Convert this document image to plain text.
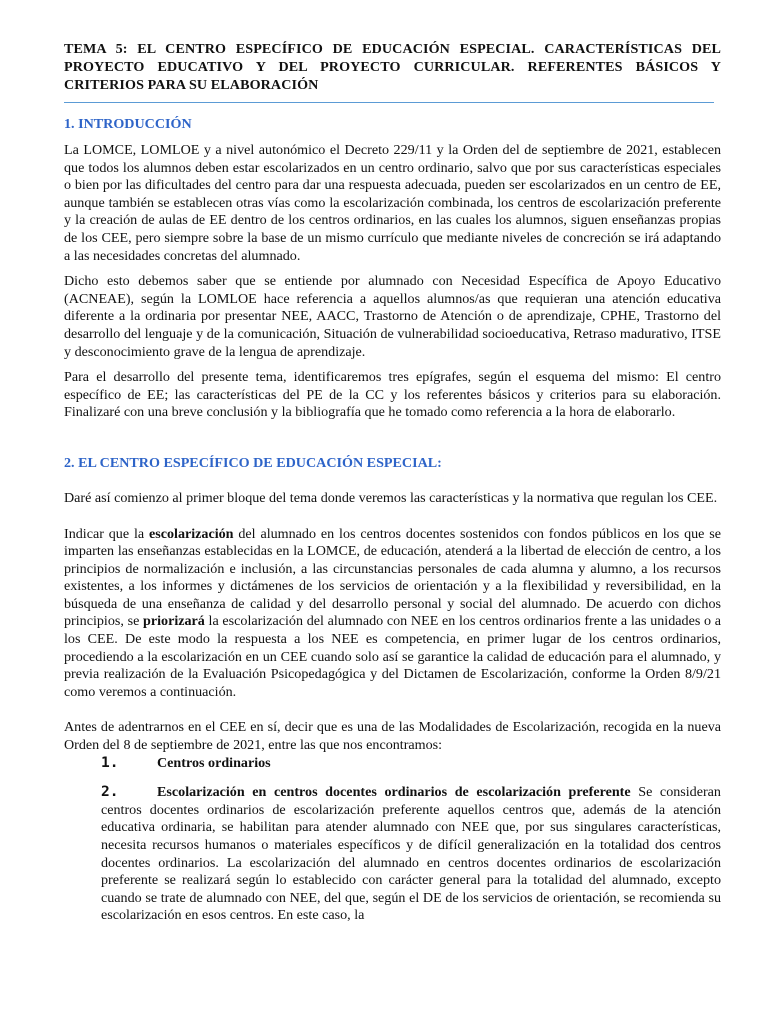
TEMA 5: EL CENTRO ESPECÍFICO DE EDUCACIÓN ESPECIAL. CARACTERÍSTICAS DEL PROYECTO EDUCATIVO Y DEL PROYECTO CURRICULAR. REFERENTES BÁSICOS Y CRITERIOS PARA SU ELABORACIÓN
1. INTRODUCCIÓN

La LOMCE, LOMLOE y a nivel autonómico el Decreto 229/11 y la Orden del de septiembre de 2021, establecen que todos los alumnos deben estar escolarizados en un centro ordinario, salvo que por sus características especiales o bien por las dificultades del centro para dar una respuesta adecuada, pueden ser escolarizados en un centro de EE, aunque también se establecen otras vías como la escolarización combinada, los centros de escolarización preferente y la creación de aulas de EE dentro de los centros ordinarios, en las cuales los alumnos, siguen enseñanzas propias de los CEE, pero siempre sobre la base de un mismo currículo que mediante niveles de concreción se irá adaptando a las necesidades concretas del alumnado.

Dicho esto debemos saber que se entiende por alumnado con Necesidad Específica de Apoyo Educativo (ACNEAE), según la LOMLOE hace referencia a aquellos alumnos/as que requieran una atención educativa diferente a la ordinaria por presentar NEE, AACC, Trastorno de Atención o de aprendizaje, CPHE, Trastorno del desarrollo del lenguaje y de la comunicación, Situación de vulnerabilidad socioeducativa, Retraso madurativo, ITSE y desconocimiento grave de la lengua de aprendizaje.

Para el desarrollo del presente tema, identificaremos tres epígrafes, según el esquema del mismo: El centro específico de EE; las características del PE de la CC y los referentes básicos y criterios para su elaboración. Finalizaré con una breve conclusión y la bibliografía que he tomado como referencia a la hora de elaborarlo.

2. EL CENTRO ESPECÍFICO DE EDUCACIÓN ESPECIAL:

Daré así comienzo al primer bloque del tema donde veremos las características y la normativa que regulan los CEE.

Indicar que la escolarización del alumnado en los centros docentes sostenidos con fondos públicos en los que se imparten las enseñanzas establecidas en la LOMCE, de educación, atenderá a la libertad de elección de centro, a los principios de normalización e inclusión, a las circunstancias personales de cada alumna y alumno, a los recursos existentes, a los informes y dictámenes de los servicios de orientación y a la flexibilidad y reversibilidad, en la búsqueda de una enseñanza de calidad y del desarrollo personal y social del alumnado. De acuerdo con dichos principios, se priorizará la escolarización del alumnado con NEE en los centros ordinarios frente a las unidades o a los CEE. De este modo la respuesta a los NEE es competencia, en primer lugar de los centros ordinarios, procediendo a la escolarización en un CEE cuando solo así se garantice la calidad de educación para el alumnado, y previa realización de la Evaluación Psicopedagógica y del Dictamen de Escolarización, conforme la Orden 8/9/21 como veremos a continuación.

Antes de adentrarnos en el CEE en sí, decir que es una de las Modalidades de Escolarización, recogida en la nueva Orden del 8 de septiembre de 2021, entre las que nos encontramos:

1.	Centros ordinarios

2.	Escolarización en centros docentes ordinarios de escolarización preferente Se consideran centros docentes ordinarios de escolarización preferente aquellos centros que, además de la atención educativa ordinaria, se habilitan para atender alumnado con NEE que, por sus singulares características, necesita recursos humanos o materiales específicos y de difícil generalización en la totalidad dos centros docentes ordinarios. La escolarización del alumnado en centros docentes ordinarios de escolarización preferente se realizará según lo establecido con carácter general para la totalidad del alumnado, excepto cuando se trate de alumnado con NEE, del que, según el DE de los servicios de orientación, se recomienda su escolarización en esos centros. En este caso, la
